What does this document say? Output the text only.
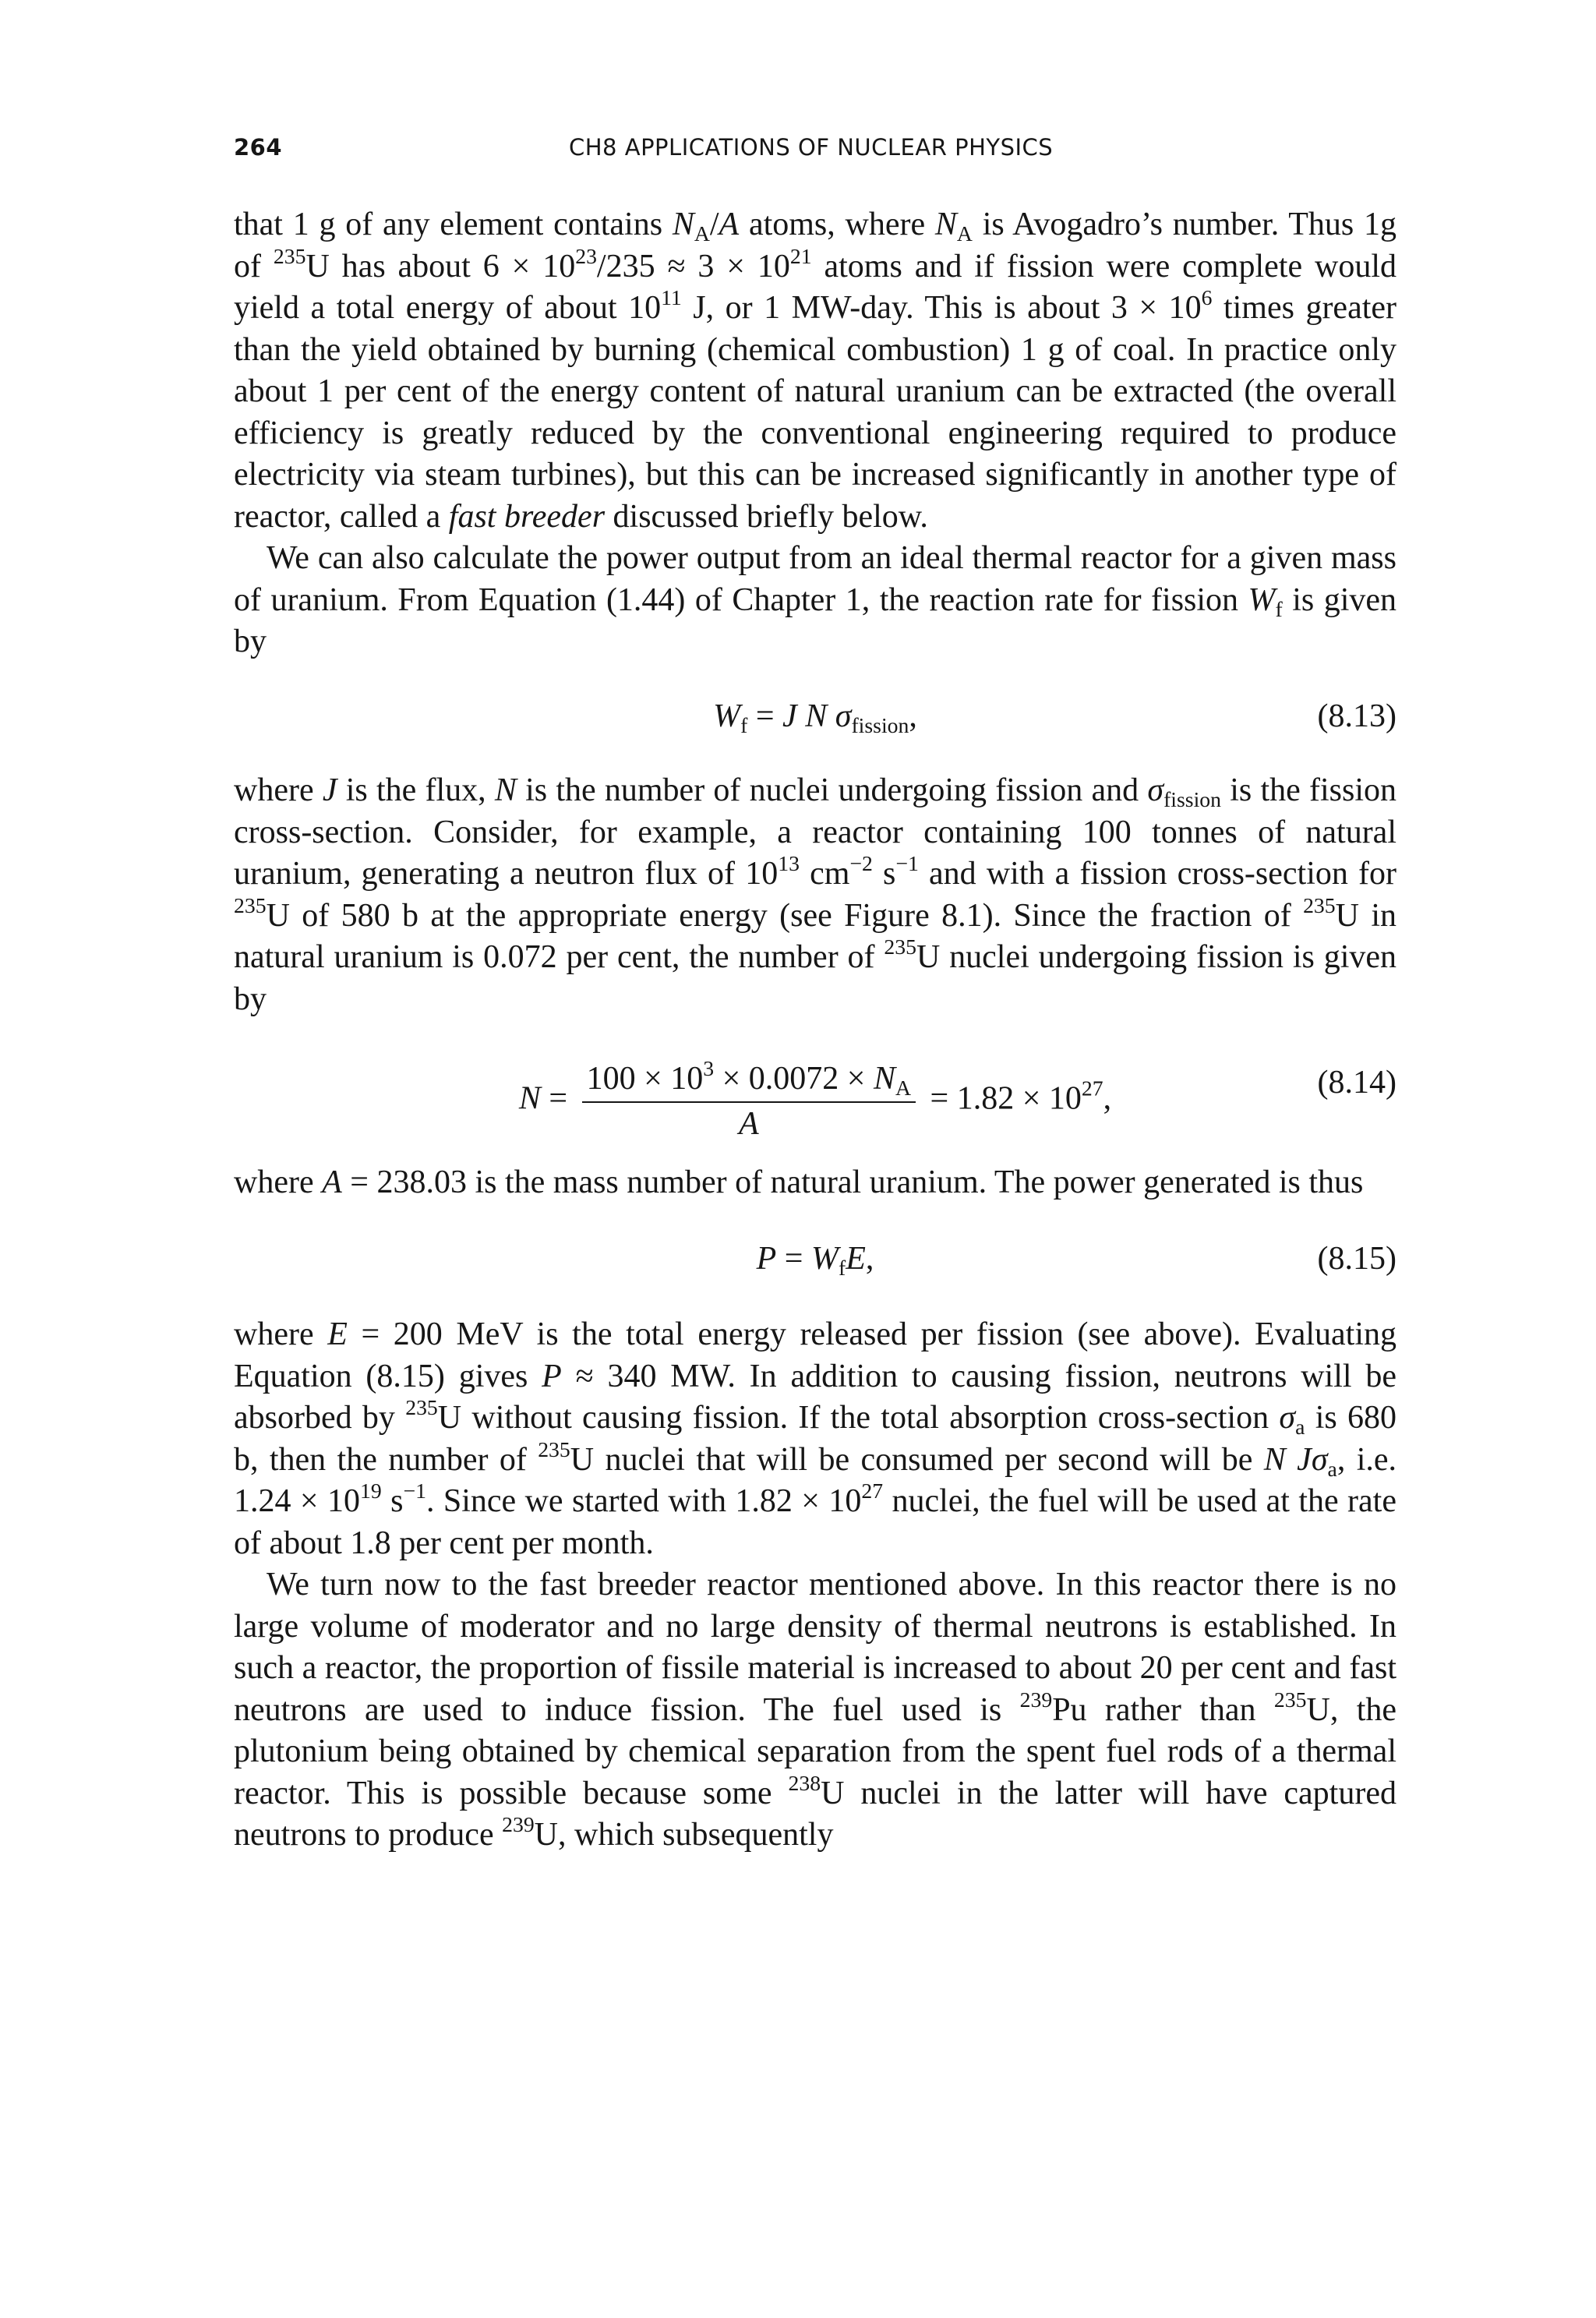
264	CH8 APPLICATIONS OF NUCLEAR PHYSICS

that 1 g of any element contains $N_A/A$ atoms, where $N_A$ is Avogadro’s number. Thus 1g of $^{235}$U has about $6 \times 10^{23}/235 \approx 3 \times 10^{21}$ atoms and if fission were complete would yield a total energy of about $10^{11}$ J, or 1 MW-day. This is about $3 \times 10^6$ times greater than the yield obtained by burning (chemical combustion) 1 g of coal. In practice only about 1 per cent of the energy content of natural uranium can be extracted (the overall efficiency is greatly reduced by the conventional engineering required to produce electricity via steam turbines), but this can be increased significantly in another type of reactor, called a fast breeder discussed briefly below.

We can also calculate the power output from an ideal thermal reactor for a given mass of uranium. From Equation (1.44) of Chapter 1, the reaction rate for fission $W_f$ is given by

$W_f = J$ N $\sigma_{fission}$,	(8.13)

where J is the flux, N is the number of nuclei undergoing fission and $\sigma_{fission}$ is the fission cross-section. Consider, for example, a reactor containing 100 tonnes of natural uranium, generating a neutron flux of $10^{13}$ $cm^{-2}$ $s^{-1}$ and with a fission cross-section for $^{235}$U of 580 b at the appropriate energy (see Figure 8.1). Since the fraction of $^{235}$U in natural uranium is 0.072 per cent, the number of $^{235}$U nuclei undergoing fission is given by

$N = \frac{100 \times 10^3 \times 0.0072 \times N_A}{A} = 1.82 \times 10^{27}$,	(8.14)

where A = 238.03 is the mass number of natural uranium. The power generated is thus

$P = W_fE$,	(8.15)

where E = 200 MeV is the total energy released per fission (see above). Evaluating Equation (8.15) gives P ≈ 340 MW. In addition to causing fission, neutrons will be absorbed by $^{235}$U without causing fission. If the total absorption cross-section $\sigma_a$ is 680 b, then the number of $^{235}$U nuclei that will be consumed per second will be N $J\sigma_a$, i.e. $1.24 \times 10^{19}$ $s^{-1}$. Since we started with $1.82 \times 10^{27}$ nuclei, the fuel will be used at the rate of about 1.8 per cent per month.

We turn now to the fast breeder reactor mentioned above. In this reactor there is no large volume of moderator and no large density of thermal neutrons is established. In such a reactor, the proportion of fissile material is increased to about 20 per cent and fast neutrons are used to induce fission. The fuel used is $^{239}$Pu rather than $^{235}$U, the plutonium being obtained by chemical separation from the spent fuel rods of a thermal reactor. This is possible because some $^{238}$U nuclei in the latter will have captured neutrons to produce $^{239}$U, which subsequently
